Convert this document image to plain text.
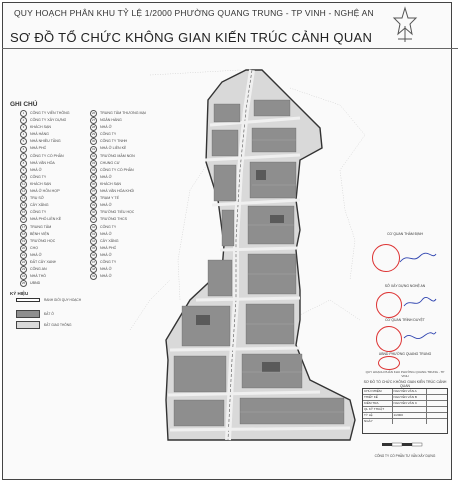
QUY HOẠCH PHÂN KHU TỶ LỆ 1/2000 PHƯỜNG QUANG TRUNG - TP VINH - NGHỆ AN
SƠ ĐỒ TỔ CHỨC KHÔNG GIAN KIẾN TRÚC CẢNH QUAN
GHI CHÚ
1	CÔNG TY VIỄN THÔNG
2	CÔNG TY XÂY DỰNG
3	KHÁCH SẠN
4	NHÀ HÀNG
5	NHÀ NHIỀU TẦNG
6	NHÀ PHỐ
7	CÔNG TY CỔ PHẦN
8	NHÀ VĂN HÓA
9	NHÀ Ở
10	CÔNG TY
11	KHÁCH SẠN
12	NHÀ Ở HỖN HỢP
13	TRỤ SỞ
14	CÂY XĂNG
15	CÔNG TY
16	NHÀ PHỐ LIỀN KỀ
17	TRUNG TÂM
18	BỆNH VIỆN
19	TRƯỜNG HỌC
20	CHỢ
21	NHÀ Ở
22	ĐẤT CÂY XANH
23	CÔNG AN
24	NHÀ THỜ
25	UBND
26	TRUNG TÂM THƯƠNG MẠI
27	NGÂN HÀNG
28	NHÀ Ở
29	CÔNG TY
30	CÔNG TY TNHH
31	NHÀ Ở LIỀN KỀ
32	TRƯỜNG MẦM NON
33	CHUNG CƯ
34	CÔNG TY CỔ PHẦN
35	NHÀ Ở
36	KHÁCH SẠN
37	NHÀ VĂN HÓA KHỐI
38	TRẠM Y TẾ
39	NHÀ Ở
40	TRƯỜNG TIỂU HỌC
41	TRƯỜNG THCS
42	CÔNG TY
43	NHÀ Ở
44	CÂY XĂNG
45	NHÀ PHỐ
46	NHÀ Ở
47	CÔNG TY
48	NHÀ Ở
49	NHÀ Ở
KÝ HIỆU
RANH GIỚI QUY HOẠCH
ĐẤT Ở
ĐẤT GIAO THÔNG
CƠ QUAN THẨM ĐỊNH
SỞ XÂY DỰNG NGHỆ AN
CƠ QUAN TRÌNH DUYỆT
UBND PHƯỜNG QUANG TRUNG
QUY HOẠCH PHÂN KHU PHƯỜNG QUANG TRUNG - TP VINH
SƠ ĐỒ TỔ CHỨC KHÔNG GIAN KIẾN TRÚC CẢNH QUAN
CHỦ NHIỆM	NGUYỄN VĂN A
THIẾT KẾ	NGUYỄN VĂN B
KIỂM TRA	NGUYỄN VĂN C
QL KỸ THUẬT
TỶ LỆ	1/2000
NGÀY
CÔNG TY CỔ PHẦN TƯ VẤN XÂY DỰNG
